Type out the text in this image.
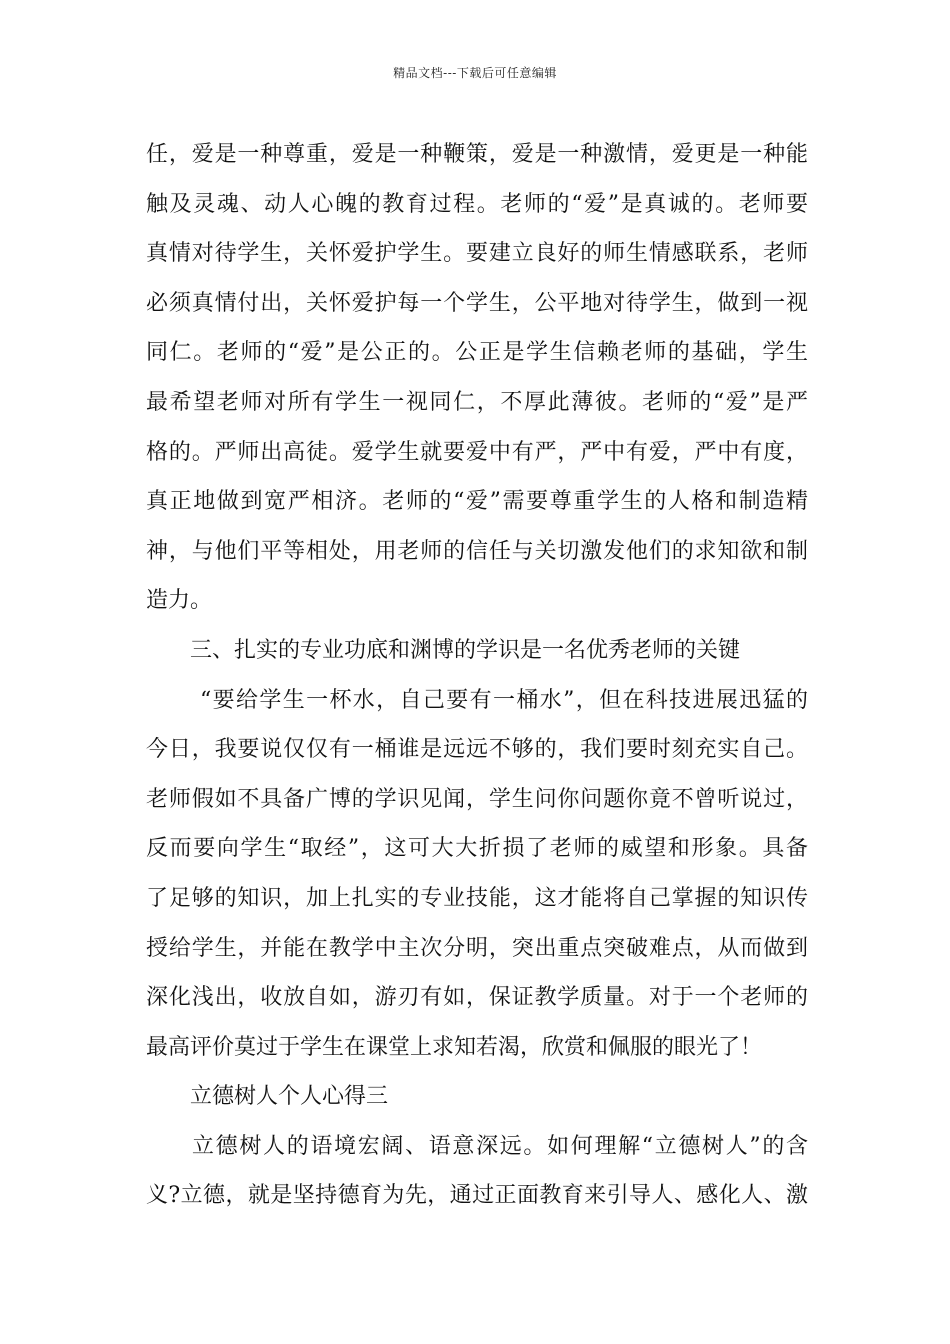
精品文档---下载后可任意编辑
任，爱是一种尊重，爱是一种鞭策，爱是一种激情，爱更是一种能
触及灵魂、动人心魄的教育过程。老师的“爱”是真诚的。老师要
真情对待学生，关怀爱护学生。要建立良好的师生情感联系，老师
必须真情付出，关怀爱护每一个学生，公平地对待学生，做到一视
同仁。老师的“爱”是公正的。公正是学生信赖老师的基础，学生
最希望老师对所有学生一视同仁，不厚此薄彼。老师的“爱”是严
格的。严师出高徒。爱学生就要爱中有严，严中有爱，严中有度，
真正地做到宽严相济。老师的“爱”需要尊重学生的人格和制造精
神，与他们平等相处，用老师的信任与关切激发他们的求知欲和制
造力。
三、扎实的专业功底和渊博的学识是一名优秀老师的关键
“要给学生一杯水，自己要有一桶水”，但在科技进展迅猛的
今日，我要说仅仅有一桶谁是远远不够的，我们要时刻充实自己。
老师假如不具备广博的学识见闻，学生问你问题你竟不曾听说过，
反而要向学生“取经”，这可大大折损了老师的威望和形象。具备
了足够的知识，加上扎实的专业技能，这才能将自己掌握的知识传
授给学生，并能在教学中主次分明，突出重点突破难点，从而做到
深化浅出，收放自如，游刃有如，保证教学质量。对于一个老师的
最高评价莫过于学生在课堂上求知若渴，欣赏和佩服的眼光了！
立德树人个人心得三
立德树人的语境宏阔、语意深远。如何理解“立德树人”的含
义?立德，就是坚持德育为先，通过正面教育来引导人、感化人、激
